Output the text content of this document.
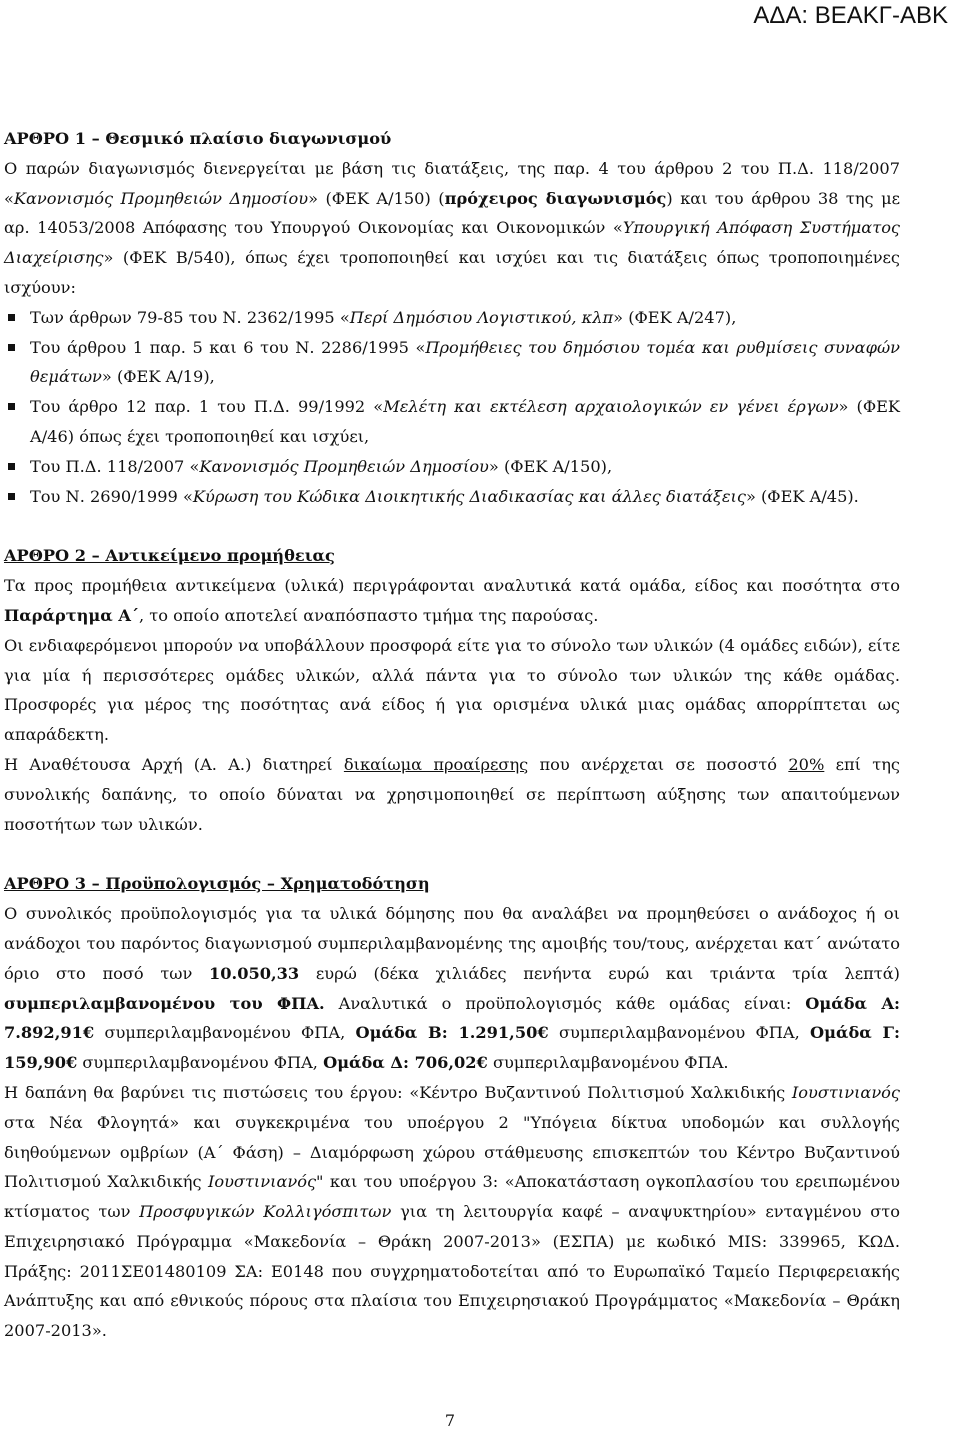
ΑΔΑ: ΒΕΑΚΓ-ΑΒΚ

ΑΡΘΡΟ 1 – Θεσμικό πλαίσιο διαγωνισμού

Ο παρών διαγωνισμός διενεργείται με βάση τις διατάξεις, της παρ. 4 του άρθρου 2 του Π.Δ. 118/2007 «Κανονισμός Προμηθειών Δημοσίου» (ΦΕΚ Α/150) (πρόχειρος διαγωνισμός) και του άρθρου 38 της με αρ. 14053/2008 Απόφασης του Υπουργού Οικονομίας και Οικονομικών «Υπουργική Απόφαση Συστήματος Διαχείρισης» (ΦΕΚ Β/540), όπως έχει τροποποιηθεί και ισχύει και τις διατάξεις όπως τροποποιημένες ισχύουν:

Των άρθρων 79-85 του Ν. 2362/1995 «Περί Δημόσιου Λογιστικού, κλπ» (ΦΕΚ Α/247),
Του άρθρου 1 παρ. 5 και 6 του Ν. 2286/1995 «Προμήθειες του δημόσιου τομέα και ρυθμίσεις συναφών θεμάτων» (ΦΕΚ Α/19),
Του άρθρο 12 παρ. 1 του Π.Δ. 99/1992 «Μελέτη και εκτέλεση αρχαιολογικών εν γένει έργων» (ΦΕΚ Α/46) όπως έχει τροποποιηθεί και ισχύει,
Του Π.Δ. 118/2007 «Κανονισμός Προμηθειών Δημοσίου» (ΦΕΚ Α/150),
Του Ν. 2690/1999 «Κύρωση του Κώδικα Διοικητικής Διαδικασίας και άλλες διατάξεις» (ΦΕΚ Α/45).

ΑΡΘΡΟ 2 – Αντικείμενο προμήθειας

Τα προς προμήθεια αντικείμενα (υλικά) περιγράφονται αναλυτικά κατά ομάδα, είδος και ποσότητα στο Παράρτημα Α΄, το οποίο αποτελεί αναπόσπαστο τμήμα της παρούσας.

Οι ενδιαφερόμενοι μπορούν να υποβάλλουν προσφορά είτε για το σύνολο των υλικών (4 ομάδες ειδών), είτε για μία ή περισσότερες ομάδες υλικών, αλλά πάντα για το σύνολο των υλικών της κάθε ομάδας. Προσφορές για μέρος της ποσότητας ανά είδος ή για ορισμένα υλικά μιας ομάδας απορρίπτεται ως απαράδεκτη.

Η Αναθέτουσα Αρχή (Α. Α.) διατηρεί δικαίωμα προαίρεσης που ανέρχεται σε ποσοστό 20% επί της συνολικής δαπάνης, το οποίο δύναται να χρησιμοποιηθεί σε περίπτωση αύξησης των απαιτούμενων ποσοτήτων των υλικών.

ΑΡΘΡΟ 3 – Προϋπολογισμός – Χρηματοδότηση

Ο συνολικός προϋπολογισμός για τα υλικά δόμησης που θα αναλάβει να προμηθεύσει ο ανάδοχος ή οι ανάδοχοι του παρόντος διαγωνισμού συμπεριλαμβανομένης της αμοιβής του/τους, ανέρχεται κατ΄ ανώτατο όριο στο ποσό των 10.050,33 ευρώ (δέκα χιλιάδες πενήντα ευρώ και τριάντα τρία λεπτά) συμπεριλαμβανομένου του ΦΠΑ. Αναλυτικά ο προϋπολογισμός κάθε ομάδας είναι: Ομάδα Α: 7.892,91€ συμπεριλαμβανομένου ΦΠΑ, Ομάδα Β: 1.291,50€ συμπεριλαμβανομένου ΦΠΑ, Ομάδα Γ: 159,90€ συμπεριλαμβανομένου ΦΠΑ, Ομάδα Δ: 706,02€ συμπεριλαμβανομένου ΦΠΑ.

Η δαπάνη θα βαρύνει τις πιστώσεις του έργου: «Κέντρο Βυζαντινού Πολιτισμού Χαλκιδικής Ιουστινιανός στα Νέα Φλογητά» και συγκεκριμένα του υποέργου 2 "Υπόγεια δίκτυα υποδομών και συλλογής διηθούμενων ομβρίων (Α΄ Φάση) – Διαμόρφωση χώρου στάθμευσης επισκεπτών του Κέντρο Βυζαντινού Πολιτισμού Χαλκιδικής Ιουστινιανός" και του υποέργου 3: «Αποκατάσταση ογκοπλασίου του ερειπωμένου κτίσματος των Προσφυγικών Κολλιγόσπιτων για τη λειτουργία καφέ – αναψυκτηρίου» ενταγμένου στο Επιχειρησιακό Πρόγραμμα «Μακεδονία – Θράκη 2007-2013» (ΕΣΠΑ) με κωδικό MIS: 339965, ΚΩΔ. Πράξης: 2011ΣΕ01480109 ΣΑ: Ε0148 που συγχρηματοδοτείται από το Ευρωπαϊκό Ταμείο Περιφερειακής Ανάπτυξης και από εθνικούς πόρους στα πλαίσια του Επιχειρησιακού Προγράμματος «Μακεδονία – Θράκη 2007-2013».

7
